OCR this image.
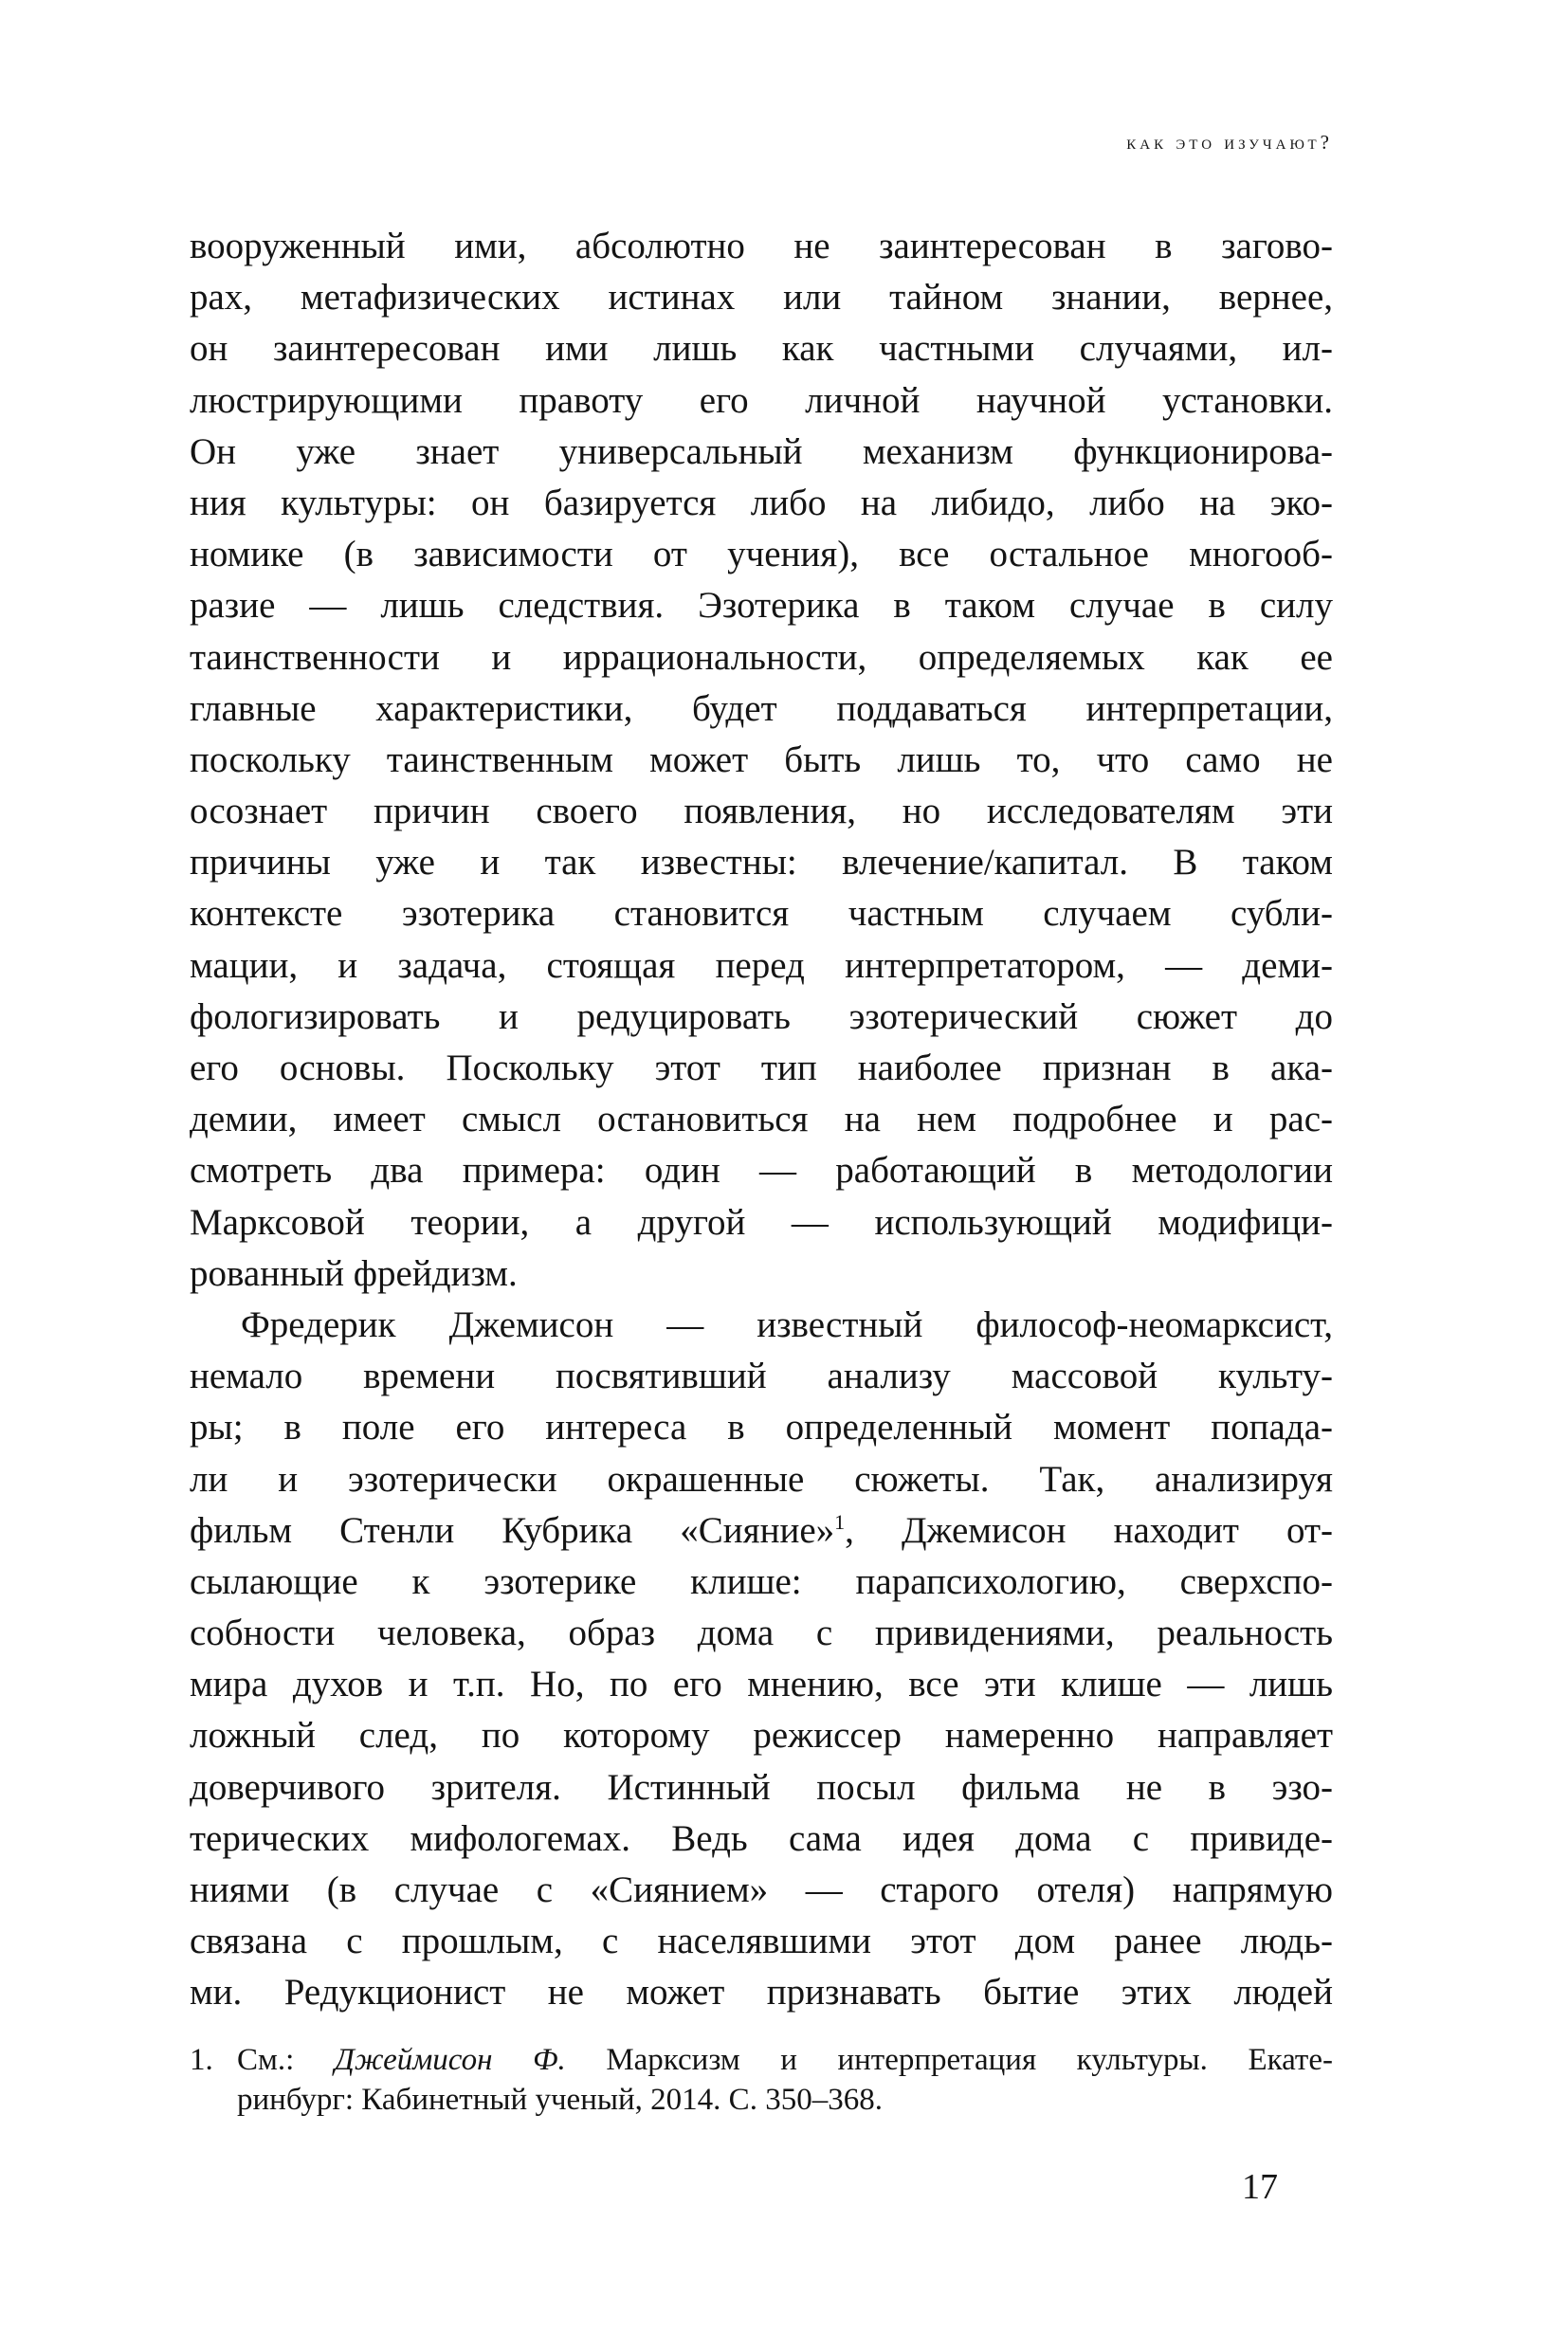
как это изучают?
вооруженный ими, абсолютно не заинтересован в загово-
рах, метафизических истинах или тайном знании, вернее,
он заинтересован ими лишь как частными случаями, ил-
люстрирующими правоту его личной научной установки.
Он уже знает универсальный механизм функционирова-
ния культуры: он базируется либо на либидо, либо на эко-
номике (в зависимости от учения), все остальное многооб-
разие — лишь следствия. Эзотерика в таком случае в силу
таинственности и иррациональности, определяемых как ее
главные характеристики, будет поддаваться интерпретации,
поскольку таинственным может быть лишь то, что само не
осознает причин своего появления, но исследователям эти
причины уже и так известны: влечение/капитал. В таком
контексте эзотерика становится частным случаем субли-
мации, и задача, стоящая перед интерпретатором, — деми-
фологизировать и редуцировать эзотерический сюжет до
его основы. Поскольку этот тип наиболее признан в ака-
демии, имеет смысл остановиться на нем подробнее и рас-
смотреть два примера: один — работающий в методологии
Марксовой теории, а другой — использующий модифици-
рованный фрейдизм.
Фредерик Джемисон — известный философ-неомарксист,
немало времени посвятивший анализу массовой культу-
ры; в поле его интереса в определенный момент попада-
ли и эзотерически окрашенные сюжеты. Так, анализируя
фильм Стенли Кубрика «Сияние»$^1$, Джемисон находит от-
сылающие к эзотерике клише: парапсихологию, сверхспо-
собности человека, образ дома с привидениями, реальность
мира духов и т.п. Но, по его мнению, все эти клише — лишь
ложный след, по которому режиссер намеренно направляет
доверчивого зрителя. Истинный посыл фильма не в эзо-
терических мифологемах. Ведь сама идея дома с привиде-
ниями (в случае с «Сиянием» — старого отеля) напрямую
связана с прошлым, с населявшими этот дом ранее людь-
ми. Редукционист не может признавать бытие этих людей
1. См.: Джеймисон Ф. Марксизм и интерпретация культуры. Екате-
ринбург: Кабинетный ученый, 2014. С. 350–368.
17
